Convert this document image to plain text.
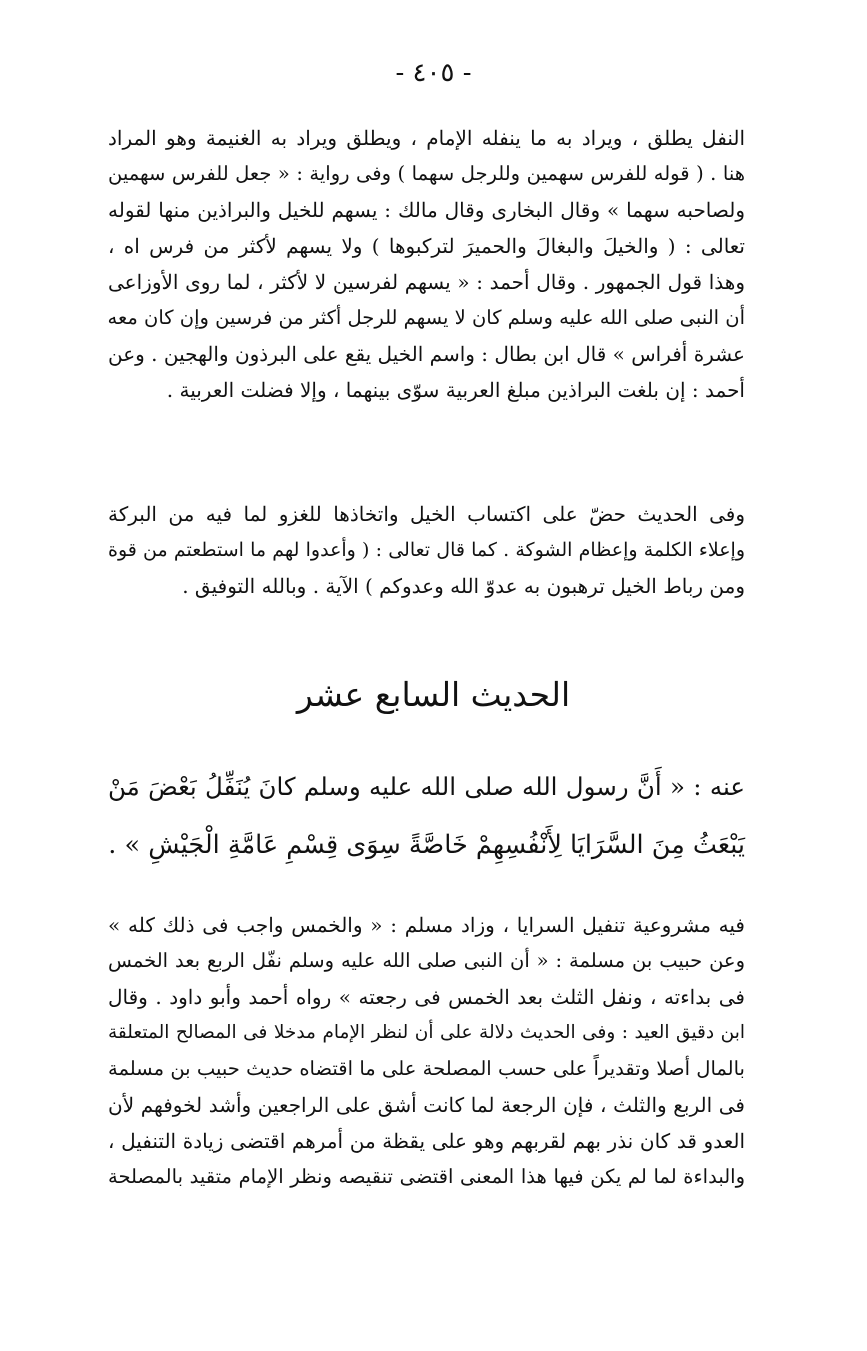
- ٤٠٥ -
النفل يطلق ، ويراد به ما ينفله الإمام ، ويطلق ويراد به الغنيمة وهو المراد
هنا . ( قوله للفرس سهمين وللرجل سهما ) وفى رواية : « جعل للفرس سهمين
ولصاحبه سهما » وقال البخارى وقال مالك : يسهم للخيل والبراذين منها لقوله
تعالى : ( والخيلَ والبغالَ والحميرَ لتركبوها ) ولا يسهم لأكثر من فرس اه ،
وهذا قول الجمهور . وقال أحمد : « يسهم لفرسين لا لأكثر ، لما روى الأوزاعى
أن النبى صلى الله عليه وسلم كان لا يسهم للرجل أكثر من فرسين وإن كان معه
عشرة أفراس » قال ابن بطال : واسم الخيل يقع على البرذون والهجين . وعن
أحمد : إن بلغت البراذين مبلغ العربية سوّى بينهما ، وإلا فضلت العربية .
وفى الحديث حضّ على اكتساب الخيل واتخاذها للغزو لما فيه من البركة
وإعلاء الكلمة وإعظام الشوكة . كما قال تعالى : ( وأعدوا لهم ما استطعتم من قوة
ومن رباط الخيل ترهبون به عدوّ الله وعدوكم ) الآية . وبالله التوفيق .
الحديث السابع عشر
عنه : « أَنَّ رسول الله صلى الله عليه وسلم كانَ يُنَفِّلُ بَعْضَ مَنْ
يَبْعَثُ مِنَ السَّرَايَا لِأَنْفُسِهِمْ خَاصَّةً سِوَى قِسْمِ عَامَّةِ الْجَيْشِ » .
فيه مشروعية تنفيل السرايا ، وزاد مسلم : « والخمس واجب فى ذلك كله »
وعن حبيب بن مسلمة : « أن النبى صلى الله عليه وسلم نفّل الربع بعد الخمس
فى بداءته ، ونفل الثلث بعد الخمس فى رجعته » رواه أحمد وأبو داود . وقال
ابن دقيق العيد : وفى الحديث دلالة على أن لنظر الإمام مدخلا فى المصالح المتعلقة
بالمال أصلا وتقديراً على حسب المصلحة على ما اقتضاه حديث حبيب بن مسلمة
فى الربع والثلث ، فإن الرجعة لما كانت أشق على الراجعين وأشد لخوفهم لأن
العدو قد كان نذر بهم لقربهم وهو على يقظة من أمرهم اقتضى زيادة التنفيل ،
والبداءة لما لم يكن فيها هذا المعنى اقتضى تنقيصه ونظر الإمام متقيد بالمصلحة
